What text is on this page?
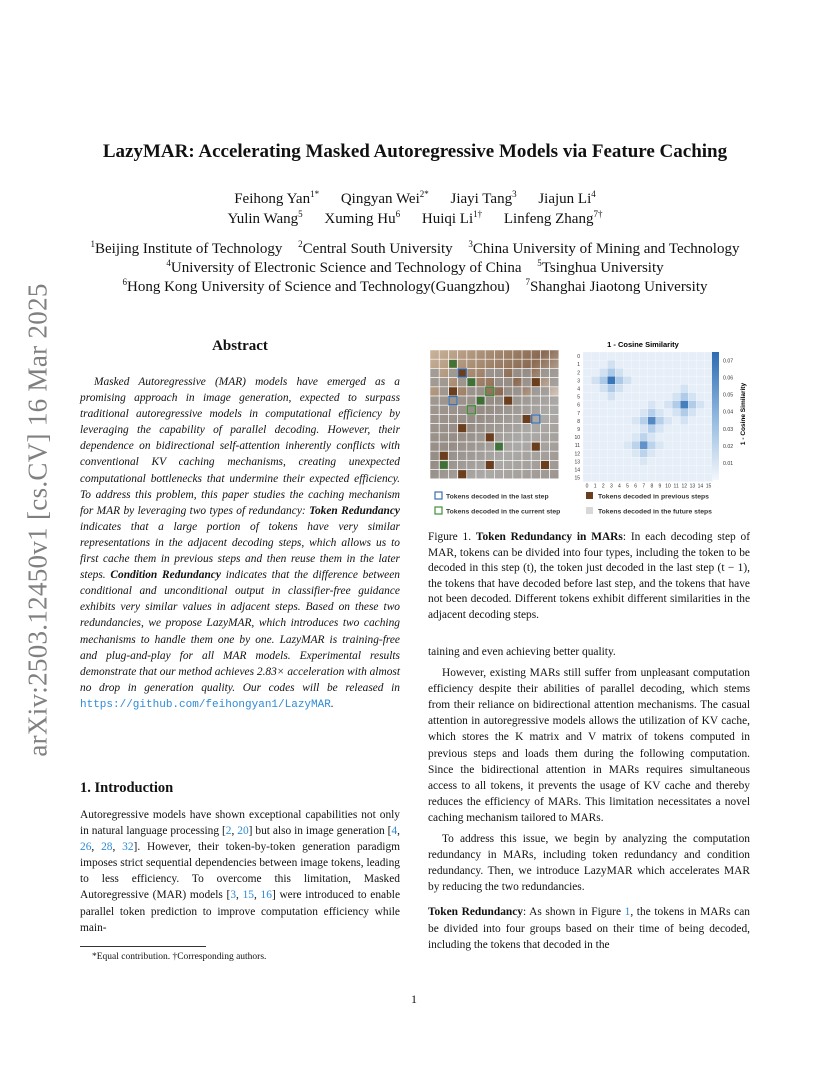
arXiv:2503.12450v1 [cs.CV] 16 Mar 2025
LazyMAR: Accelerating Masked Autoregressive Models via Feature Caching
Feihong Yan$^{1*}$ Qingyan Wei$^{2*}$ Jiayi Tang$^3$ Jiajun Li$^4$
Yulin Wang$^5$ Xuming Hu$^6$ Huiqi $Li^{1\dagger}$ Linfeng Zhang$^{7\dagger}$
$^1$Beijing Institute of Technology $^2$Central South University $^3$China University of Mining and Technology
$^4$University of Electronic Science and Technology of China $^5$Tsinghua University
$^6$Hong Kong University of Science and Technology(Guangzhou) $^7$Shanghai Jiaotong University
Abstract
Masked Autoregressive (MAR) models have emerged as a promising approach in image generation, expected to surpass traditional autoregressive models in computational efficiency by leveraging the capability of parallel decoding. However, their dependence on bidirectional self-attention inherently conflicts with conventional KV caching mechanisms, creating unexpected computational bottlenecks that undermine their expected efficiency. To address this problem, this paper studies the caching mechanism for MAR by leveraging two types of redundancy: Token Redundancy indicates that a large portion of tokens have very similar representations in the adjacent decoding steps, which allows us to first cache them in previous steps and then reuse them in the later steps. Condition Redundancy indicates that the difference between conditional and unconditional output in classifier-free guidance exhibits very similar values in adjacent steps. Based on these two redundancies, we propose LazyMAR, which introduces two caching mechanisms to handle them one by one. LazyMAR is training-free and plug-and-play for all MAR models. Experimental results demonstrate that our method achieves 2.83× acceleration with almost no drop in generation quality. Our codes will be released in https://github.com/feihongyan1/LazyMAR.
1. Introduction
Autoregressive models have shown exceptional capabilities not only in natural language processing [2, 20] but also in image generation [4, 26, 28, 32]. However, their token-by-token generation paradigm imposes strict sequential dependencies between image tokens, leading to less efficiency. To overcome this limitation, Masked Autoregressive (MAR) models [3, 15, 16] were introduced to enable parallel token prediction to improve computation efficiency while main-
*Equal contribution. †Corresponding authors.
1
0
1
2
3
4
5
6
7
8
9
10
11
12
13
14
15
0 1 2 3 4 5 6 7 8 9 10 11 12 13 14 15
1 - Cosine Similarity
0.07
0.06
0.05
0.04
0.03
0.02
0.01
1 - Cosine Similarity
Tokens decoded in the last step	Tokens decoded in previous steps
Tokens decoded in the current step	Tokens decoded in the future steps
Figure 1. Token Redundancy in MARs: In each decoding step of MAR, tokens can be divided into four types, including the token to be decoded in this step (t), the token just decoded in the last step (t − 1), the tokens that have decoded before last step, and the tokens that have not been decoded. Different tokens exhibit different similarities in the adjacent decoding steps.

taining and even achieving better quality.

However, existing MARs still suffer from unpleasant computation efficiency despite their abilities of parallel decoding, which stems from their reliance on bidirectional attention mechanisms. The casual attention in autoregressive models allows the utilization of KV cache, which stores the K matrix and V matrix of tokens computed in previous steps and loads them during the following computation. Since the bidirectional attention in MARs requires simultaneous access to all tokens, it prevents the usage of KV cache and thereby reduces the efficiency of MARs. This limitation necessitates a novel caching mechanism tailored to MARs.

To address this issue, we begin by analyzing the computation redundancy in MARs, including token redundancy and condition redundancy. Then, we introduce LazyMAR which accelerates MAR by reducing the two redundancies.

Token Redundancy: As shown in Figure 1, the tokens in MARs can be divided into four groups based on their time of being decoded, including the tokens that decoded in the
